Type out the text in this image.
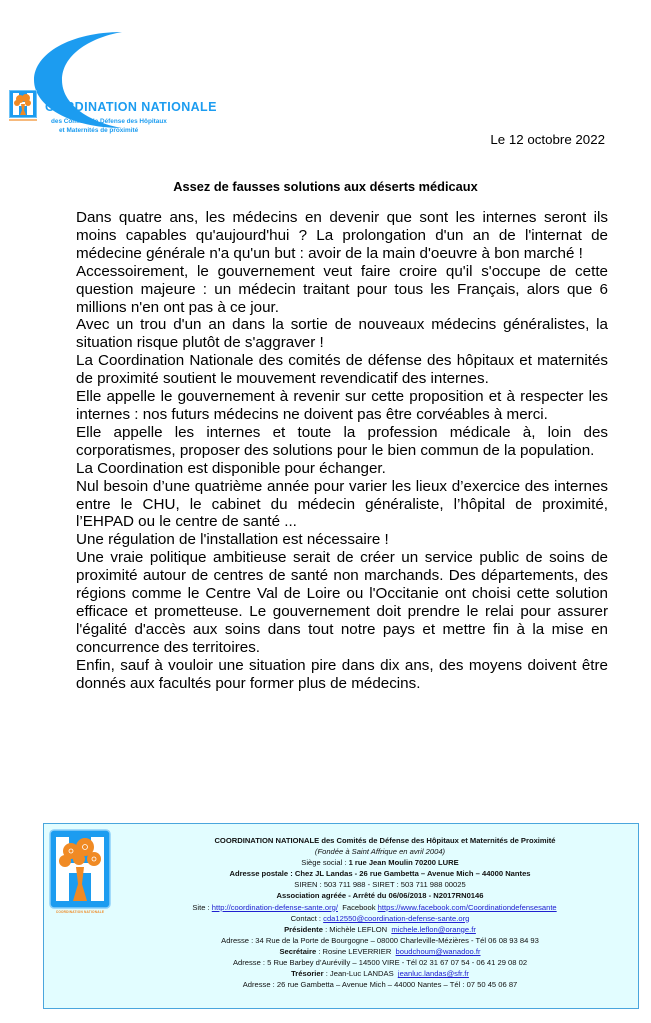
OORDINATION NATIONALE
des Comités de Défense des Hôpitaux
et Maternités de proximité
Le 12 octobre 2022
Assez de fausses solutions aux déserts médicaux

Dans quatre ans, les médecins en devenir que sont les internes seront ils moins capables qu'aujourd'hui ? La prolongation d'un an de l'internat de médecine générale n'a qu'un but : avoir de la main d'oeuvre à bon marché !

Accessoirement, le gouvernement veut faire croire qu'il s'occupe de cette question majeure : un médecin traitant pour tous les Français, alors que 6 millions n'en ont pas à ce jour.

Avec un trou d'un an dans la sortie de nouveaux médecins généralistes, la situation risque plutôt de s'aggraver !

La Coordination Nationale des comités de défense des hôpitaux et maternités de proximité soutient le mouvement revendicatif des internes.

Elle appelle le gouvernement à revenir sur cette proposition et à respecter les internes : nos futurs médecins ne doivent pas être corvéables à merci.

Elle appelle les internes et toute la profession médicale à, loin des corporatismes, proposer des solutions pour le bien commun de la population.

La Coordination est disponible pour échanger.

Nul besoin d’une quatrième année pour varier les lieux d’exercice des internes entre le CHU, le cabinet du médecin généraliste, l’hôpital de proximité, l’EHPAD ou le centre de santé ...

Une régulation de l'installation est nécessaire !

Une vraie politique ambitieuse serait de créer un service public de soins de proximité autour de centres de santé non marchands. Des départements, des régions comme le Centre Val de Loire ou l'Occitanie ont choisi cette solution efficace et prometteuse. Le gouvernement doit prendre le relai pour assurer l'égalité d'accès aux soins dans tout notre pays et mettre fin à la mise en concurrence des territoires.

Enfin, sauf à vouloir une situation pire dans dix ans, des moyens doivent être donnés aux facultés pour former plus de médecins.

COORDINATION NATIONALE
COORDINATION NATIONALE des Comités de Défense des Hôpitaux et Maternités de Proximité
(Fondée à Saint Affrique en avril 2004)
Siège social : 1 rue Jean Moulin 70200 LURE
Adresse postale : Chez JL Landas - 26 rue Gambetta – Avenue Mich – 44000 Nantes
SIREN : 503 711 988 - SIRET : 503 711 988 00025
Association agréée - Arrêté du 06/06/2018 - N2017RN0146
Site : http://coordination-defense-sante.org/  Facebook https://www.facebook.com/Coordinationdefensesante
Contact : cda12550@coordination-defense-sante.org
Présidente : Michèle LEFLON  michele.leflon@orange.fr
Adresse : 34 Rue de la Porte de Bourgogne – 08000 Charleville-Mézières - Tél 06 08 93 84 93
Secrétaire : Rosine LEVERRIER  boudchoum@wanadoo.fr
Adresse : 5 Rue Barbey d’Aurévilly – 14500 VIRE - Tél 02 31 67 07 54 - 06 41 29 08 02
Trésorier : Jean-Luc LANDAS  jeanluc.landas@sfr.fr
Adresse : 26 rue Gambetta – Avenue Mich – 44000 Nantes – Tél : 07 50 45 06 87
